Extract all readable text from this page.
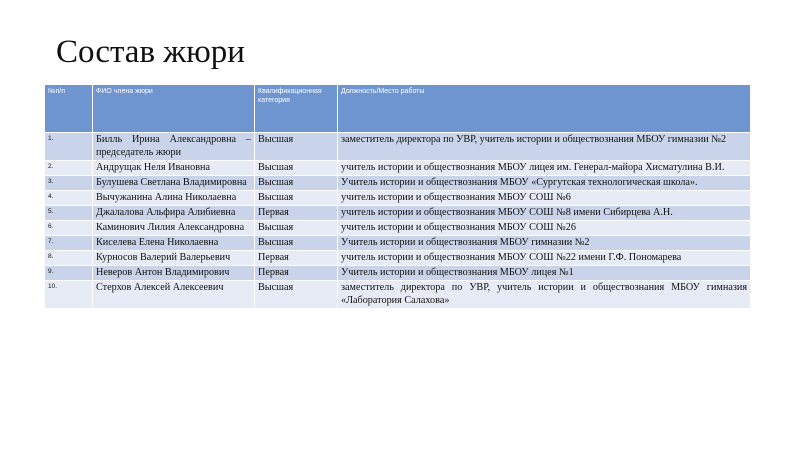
Состав жюри
№п/п	ФИО члена жюри	Квалификационная категория	Должность/Место работы
1.	Билль Ирина Александровна – председатель жюри	Высшая	заместитель директора по УВР, учитель истории и обществознания МБОУ гимназии №2
2.	Андрущак Неля Ивановна	Высшая	учитель истории и обществознания МБОУ лицея им. Генерал-майора Хисматулина В.И.
3.	Булушева Светлана Владимировна	Высшая	Учитель истории и обществознания МБОУ «Сургутская технологическая школа».
4.	Вычужанина Алина Николаевна	Высшая	учитель истории и обществознания МБОУ СОШ №6
5.	Джалалова Альфира Алибиевна	Первая	учитель истории и обществознания МБОУ СОШ №8 имени Сибирцева А.Н.
6.	Каминович Лилия Александровна	Высшая	учитель истории и обществознания МБОУ СОШ №26
7.	Киселева Елена Николаевна	Высшая	Учитель истории и обществознания МБОУ гимназии №2
8.	Курносов Валерий Валерьевич	Первая	учитель истории и обществознания МБОУ СОШ №22 имени Г.Ф. Пономарева
9.	Неверов Антон Владимирович	Первая	Учитель истории и обществознания МБОУ лицея №1
10.	Стерхов Алексей Алексеевич	Высшая	заместитель директора по УВР, учитель истории и обществознания МБОУ гимназия «Лаборатория Салахова»
